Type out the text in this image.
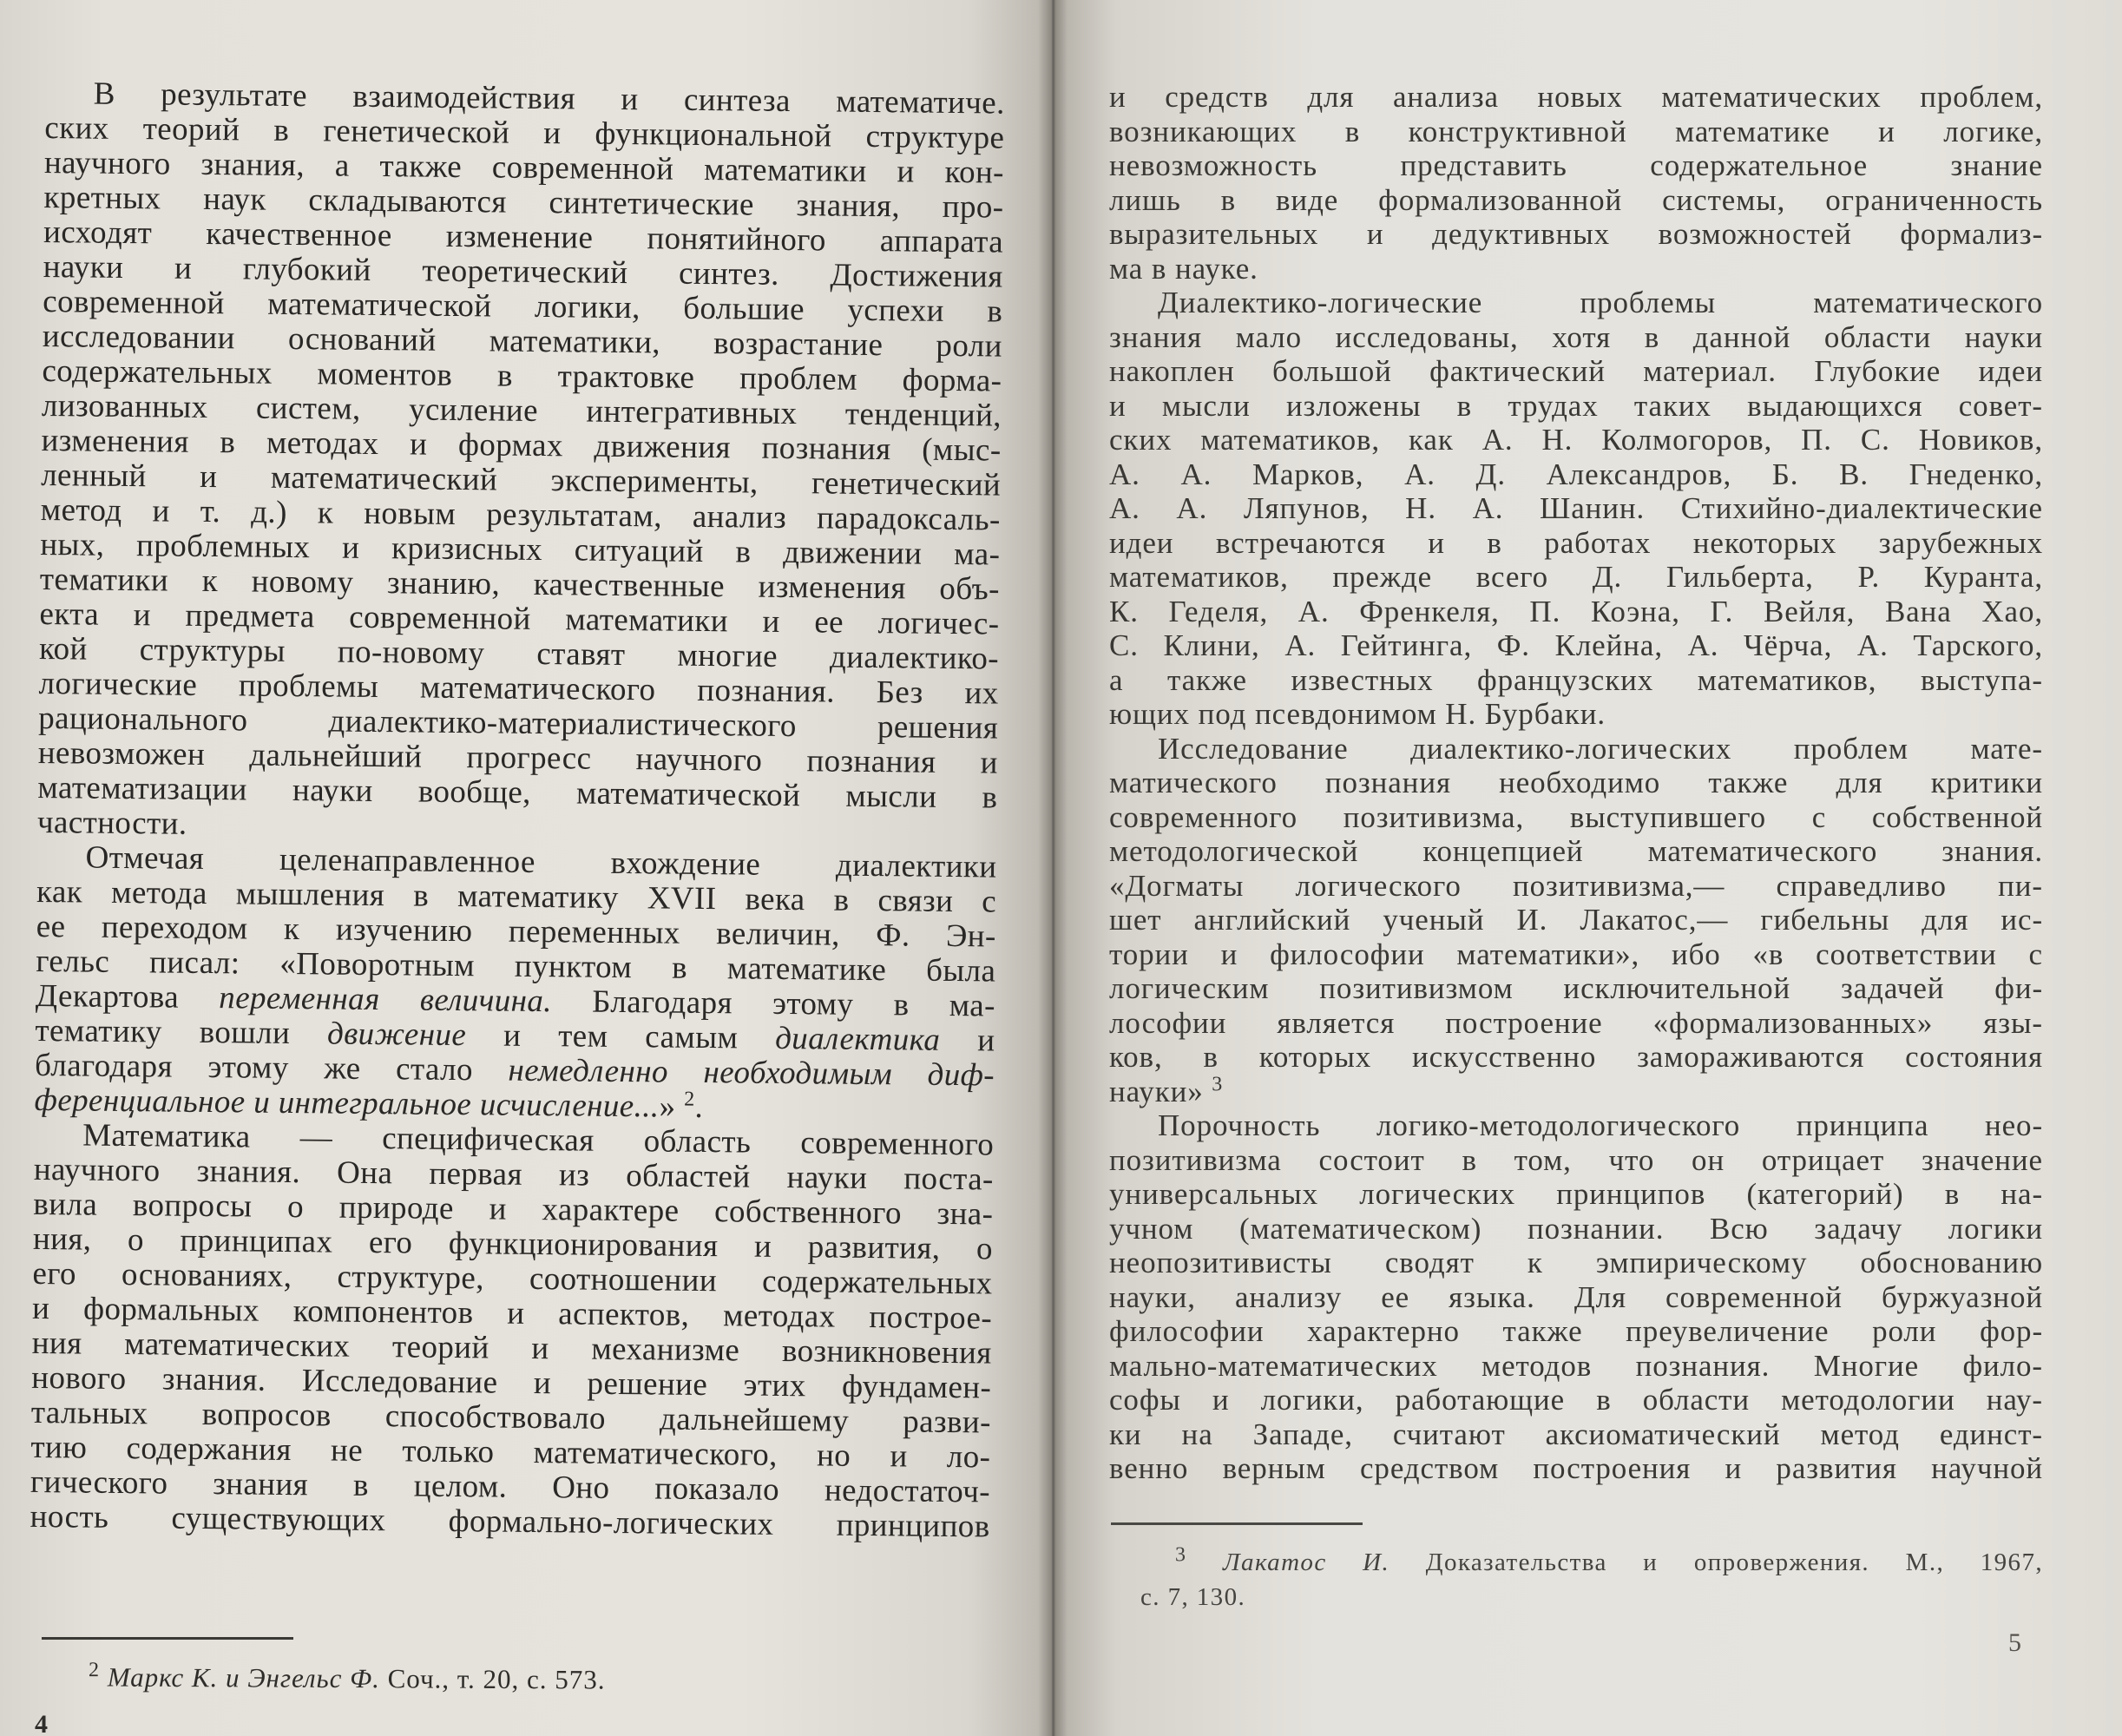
В результате взаимодействия и синтеза математиче.
ских теорий в генетической и функциональной структуре
научного знания, а также современной математики и кон-
кретных наук складываются синтетические знания, про-
исходят качественное изменение понятийного аппарата
науки и глубокий теоретический синтез. Достижения
современной математической логики, большие успехи в
исследовании оснований математики, возрастание роли
содержательных моментов в трактовке проблем форма-
лизованных систем, усиление интегративных тенденций,
изменения в методах и формах движения познания (мыс-
ленный и математический эксперименты, генетический
метод и т. д.) к новым результатам, анализ парадоксаль-
ных, проблемных и кризисных ситуаций в движении ма-
тематики к новому знанию, качественные изменения объ-
екта и предмета современной математики и ее логичес-
кой структуры по-новому ставят многие диалектико-
логические проблемы математического познания. Без их
рационального диалектико-материалистического решения
невозможен дальнейший прогресс научного познания и
математизации науки вообще, математической мысли в
частности.
Отмечая целенаправленное вхождение диалектики
как метода мышления в математику XVII века в связи с
ее переходом к изучению переменных величин, Ф. Эн-
гельс писал: «Поворотным пунктом в математике была
Декартова переменная величина. Благодаря этому в ма-
тематику вошли движение и тем самым диалектика и
благодаря этому же стало немедленно необходимым диф-
ференциальное и интегральное исчисление...» $^2$.
Математика — специфическая область современного
научного знания. Она первая из областей науки поста-
вила вопросы о природе и характере собственного зна-
ния, о принципах его функционирования и развития, о
его основаниях, структуре, соотношении содержательных
и формальных компонентов и аспектов, методах построе-
ния математических теорий и механизме возникновения
нового знания. Исследование и решение этих фундамен-
тальных вопросов способствовало дальнейшему разви-
тию содержания не только математического, но и ло-
гического знания в целом. Оно показало недостаточ-
ность существующих формально-логических принципов
$^2$ Маркс К. и Энгельс Ф. Соч., т. 20, с. 573.
4
и средств для анализа новых математических проблем,
возникающих в конструктивной математике и логике,
невозможность представить содержательное знание
лишь в виде формализованной системы, ограниченность
выразительных и дедуктивных возможностей формализ-
ма в науке.
Диалектико-логические проблемы математического
знания мало исследованы, хотя в данной области науки
накоплен большой фактический материал. Глубокие идеи
и мысли изложены в трудах таких выдающихся совет-
ских математиков, как А. Н. Колмогоров, П. С. Новиков,
А. А. Марков, А. Д. Александров, Б. В. Гнеденко,
А. А. Ляпунов, Н. А. Шанин. Стихийно-диалектические
идеи встречаются и в работах некоторых зарубежных
математиков, прежде всего Д. Гильберта, Р. Куранта,
К. Геделя, А. Френкеля, П. Коэна, Г. Вейля, Вана Хао,
С. Клини, А. Гейтинга, Ф. Клейна, А. Чёрча, А. Тарского,
а также известных французских математиков, выступа-
ющих под псевдонимом Н. Бурбаки.
Исследование диалектико-логических проблем мате-
матического познания необходимо также для критики
современного позитивизма, выступившего с собственной
методологической концепцией математического знания.
«Догматы логического позитивизма,— справедливо пи-
шет английский ученый И. Лакатос,— гибельны для ис-
тории и философии математики», ибо «в соответствии с
логическим позитивизмом исключительной задачей фи-
лософии является построение «формализованных» язы-
ков, в которых искусственно замораживаются состояния
науки» $^3$
Порочность логико-методологического принципа нео-
позитивизма состоит в том, что он отрицает значение
универсальных логических принципов (категорий) в на-
учном (математическом) познании. Всю задачу логики
неопозитивисты сводят к эмпирическому обоснованию
науки, анализу ее языка. Для современной буржуазной
философии характерно также преувеличение роли фор-
мально-математических методов познания. Многие фило-
софы и логики, работающие в области методологии нау-
ки на Западе, считают аксиоматический метод единст-
венно верным средством построения и развития научной
$^3$ Лакатос И. Доказательства и опровержения. М., 1967,
с. 7, 130.
5
